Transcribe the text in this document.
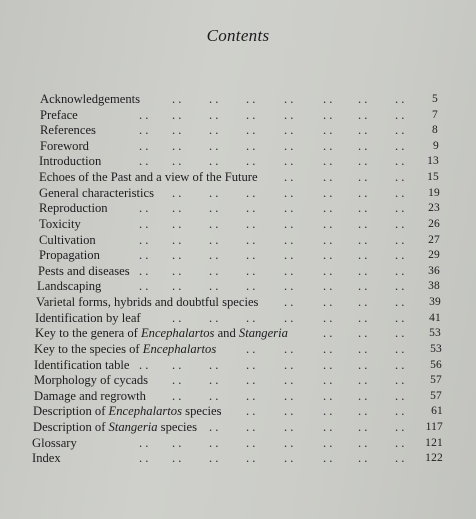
Contents
Acknowledgements	5
. . . . . . . . . . . . . .
Preface	7
. . . . . . . . . . . . . . . .
References	8
. . . . . . . . . . . . . . . .
Foreword	9
. . . . . . . . . . . . . . . .
Introduction	13
. . . . . . . . . . . . . . . .
Echoes of the Past and a view of the Future	15
. . . . . . . .
General characteristics	19
. . . . . . . . . . . . . .
Reproduction	23
. . . . . . . . . . . . . . . .
Toxicity	26
. . . . . . . . . . . . . . . .
Cultivation	27
. . . . . . . . . . . . . . . .
Propagation	29
. . . . . . . . . . . . . . . .
Pests and diseases	36
. . . . . . . . . . . . . . . .
Landscaping	38
. . . . . . . . . . . . . . . .
Varietal forms, hybrids and doubtful species	39
. . . . . . . .
Identification by leaf	41
. . . . . . . . . . . . . .
Key to the genera of Encephalartos and Stangeria	53
. . . . . .
Key to the species of Encephalartos	53
. . . . . . . . . .
Identification table	56
. . . . . . . . . . . . . . . .
Morphology of cycads	57
. . . . . . . . . . . . . .
Damage and regrowth	57
. . . . . . . . . . . . . .
Description of Encephalartos species	61
. . . . . . . . . .
Description of Stangeria species	117
. . . . . . . . . . . .
Glossary	121
. . . . . . . . . . . . . . . .
Index	122
. . . . . . . . . . . . . . . .
